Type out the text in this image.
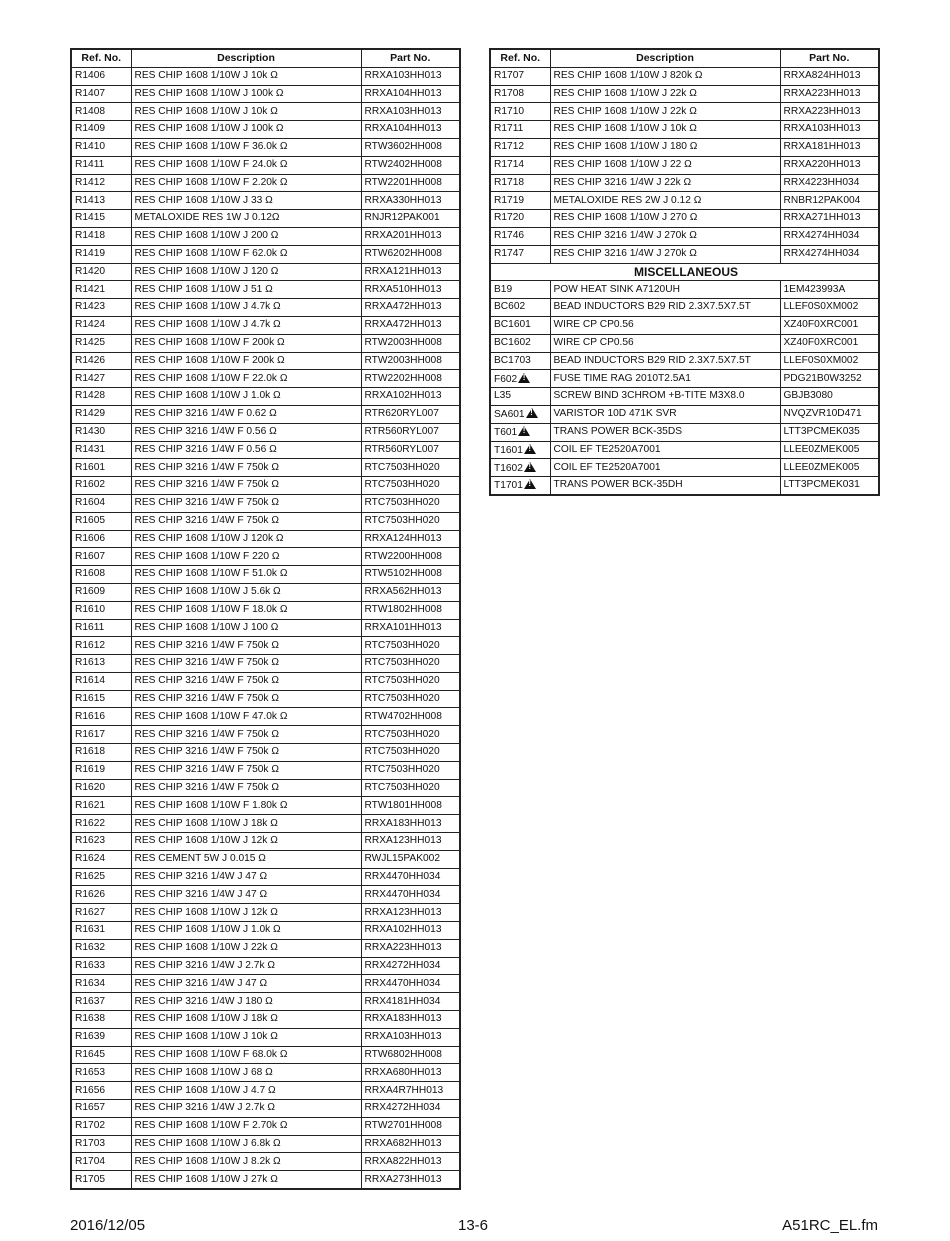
Ref. No.	Description	Part No.
R1406	RES CHIP 1608 1/10W J 10k Ω	RRXA103HH013
R1407	RES CHIP 1608 1/10W J 100k Ω	RRXA104HH013
R1408	RES CHIP 1608 1/10W J 10k Ω	RRXA103HH013
R1409	RES CHIP 1608 1/10W J 100k Ω	RRXA104HH013
R1410	RES CHIP 1608 1/10W F 36.0k Ω	RTW3602HH008
R1411	RES CHIP 1608 1/10W F 24.0k Ω	RTW2402HH008
R1412	RES CHIP 1608 1/10W F 2.20k Ω	RTW2201HH008
R1413	RES CHIP 1608 1/10W J 33 Ω	RRXA330HH013
R1415	METALOXIDE RES 1W J 0.12Ω	RNJR12PAK001
R1418	RES CHIP 1608 1/10W J 200 Ω	RRXA201HH013
R1419	RES CHIP 1608 1/10W F 62.0k Ω	RTW6202HH008
R1420	RES CHIP 1608 1/10W J 120 Ω	RRXA121HH013
R1421	RES CHIP 1608 1/10W J 51 Ω	RRXA510HH013
R1423	RES CHIP 1608 1/10W J 4.7k Ω	RRXA472HH013
R1424	RES CHIP 1608 1/10W J 4.7k Ω	RRXA472HH013
R1425	RES CHIP 1608 1/10W F 200k Ω	RTW2003HH008
R1426	RES CHIP 1608 1/10W F 200k Ω	RTW2003HH008
R1427	RES CHIP 1608 1/10W F 22.0k Ω	RTW2202HH008
R1428	RES CHIP 1608 1/10W J 1.0k Ω	RRXA102HH013
R1429	RES CHIP 3216 1/4W F 0.62 Ω	RTR620RYL007
R1430	RES CHIP 3216 1/4W F 0.56 Ω	RTR560RYL007
R1431	RES CHIP 3216 1/4W F 0.56 Ω	RTR560RYL007
R1601	RES CHIP 3216 1/4W F 750k Ω	RTC7503HH020
R1602	RES CHIP 3216 1/4W F 750k Ω	RTC7503HH020
R1604	RES CHIP 3216 1/4W F 750k Ω	RTC7503HH020
R1605	RES CHIP 3216 1/4W F 750k Ω	RTC7503HH020
R1606	RES CHIP 1608 1/10W J 120k Ω	RRXA124HH013
R1607	RES CHIP 1608 1/10W F 220 Ω	RTW2200HH008
R1608	RES CHIP 1608 1/10W F 51.0k Ω	RTW5102HH008
R1609	RES CHIP 1608 1/10W J 5.6k Ω	RRXA562HH013
R1610	RES CHIP 1608 1/10W F 18.0k Ω	RTW1802HH008
R1611	RES CHIP 1608 1/10W J 100 Ω	RRXA101HH013
R1612	RES CHIP 3216 1/4W F 750k Ω	RTC7503HH020
R1613	RES CHIP 3216 1/4W F 750k Ω	RTC7503HH020
R1614	RES CHIP 3216 1/4W F 750k Ω	RTC7503HH020
R1615	RES CHIP 3216 1/4W F 750k Ω	RTC7503HH020
R1616	RES CHIP 1608 1/10W F 47.0k Ω	RTW4702HH008
R1617	RES CHIP 3216 1/4W F 750k Ω	RTC7503HH020
R1618	RES CHIP 3216 1/4W F 750k Ω	RTC7503HH020
R1619	RES CHIP 3216 1/4W F 750k Ω	RTC7503HH020
R1620	RES CHIP 3216 1/4W F 750k Ω	RTC7503HH020
R1621	RES CHIP 1608 1/10W F 1.80k Ω	RTW1801HH008
R1622	RES CHIP 1608 1/10W J 18k Ω	RRXA183HH013
R1623	RES CHIP 1608 1/10W J 12k Ω	RRXA123HH013
R1624	RES CEMENT 5W J 0.015 Ω	RWJL15PAK002
R1625	RES CHIP 3216 1/4W J 47 Ω	RRX4470HH034
R1626	RES CHIP 3216 1/4W J 47 Ω	RRX4470HH034
R1627	RES CHIP 1608 1/10W J 12k Ω	RRXA123HH013
R1631	RES CHIP 1608 1/10W J 1.0k Ω	RRXA102HH013
R1632	RES CHIP 1608 1/10W J 22k Ω	RRXA223HH013
R1633	RES CHIP 3216 1/4W J 2.7k Ω	RRX4272HH034
R1634	RES CHIP 3216 1/4W J 47 Ω	RRX4470HH034
R1637	RES CHIP 3216 1/4W J 180 Ω	RRX4181HH034
R1638	RES CHIP 1608 1/10W J 18k Ω	RRXA183HH013
R1639	RES CHIP 1608 1/10W J 10k Ω	RRXA103HH013
R1645	RES CHIP 1608 1/10W F 68.0k Ω	RTW6802HH008
R1653	RES CHIP 1608 1/10W J 68 Ω	RRXA680HH013
R1656	RES CHIP 1608 1/10W J 4.7 Ω	RRXA4R7HH013
R1657	RES CHIP 3216 1/4W J 2.7k Ω	RRX4272HH034
R1702	RES CHIP 1608 1/10W F 2.70k Ω	RTW2701HH008
R1703	RES CHIP 1608 1/10W J 6.8k Ω	RRXA682HH013
R1704	RES CHIP 1608 1/10W J 8.2k Ω	RRXA822HH013
R1705	RES CHIP 1608 1/10W J 27k Ω	RRXA273HH013
Ref. No.	Description	Part No.
R1707	RES CHIP 1608 1/10W J 820k Ω	RRXA824HH013
R1708	RES CHIP 1608 1/10W J 22k Ω	RRXA223HH013
R1710	RES CHIP 1608 1/10W J 22k Ω	RRXA223HH013
R1711	RES CHIP 1608 1/10W J 10k Ω	RRXA103HH013
R1712	RES CHIP 1608 1/10W J 180 Ω	RRXA181HH013
R1714	RES CHIP 1608 1/10W J 22 Ω	RRXA220HH013
R1718	RES CHIP 3216 1/4W J 22k Ω	RRX4223HH034
R1719	METALOXIDE RES 2W J 0.12 Ω	RNBR12PAK004
R1720	RES CHIP 1608 1/10W J 270 Ω	RRXA271HH013
R1746	RES CHIP 3216 1/4W J 270k Ω	RRX4274HH034
R1747	RES CHIP 3216 1/4W J 270k Ω	RRX4274HH034
MISCELLANEOUS		
B19	POW HEAT SINK A7120UH	1EM423993A
BC602	BEAD INDUCTORS B29 RID 2.3X7.5X7.5T	LLEF0S0XM002
BC1601	WIRE CP CP0.56	XZ40F0XRC001
BC1602	WIRE CP CP0.56	XZ40F0XRC001
BC1703	BEAD INDUCTORS B29 RID 2.3X7.5X7.5T	LLEF0S0XM002
F602!	FUSE TIME RAG 2010T2.5A1	PDG21B0W3252
L35	SCREW BIND 3CHROM +B-TITE M3X8.0	GBJB3080
SA601!	VARISTOR 10D 471K SVR	NVQZVR10D471
T601!	TRANS POWER BCK-35DS	LTT3PCMEK035
T1601!	COIL EF TE2520A7001	LLEE0ZMEK005
T1602!	COIL EF TE2520A7001	LLEE0ZMEK005
T1701!	TRANS POWER BCK-35DH	LTT3PCMEK031
2016/12/05	13-6	A51RC_EL.fm
